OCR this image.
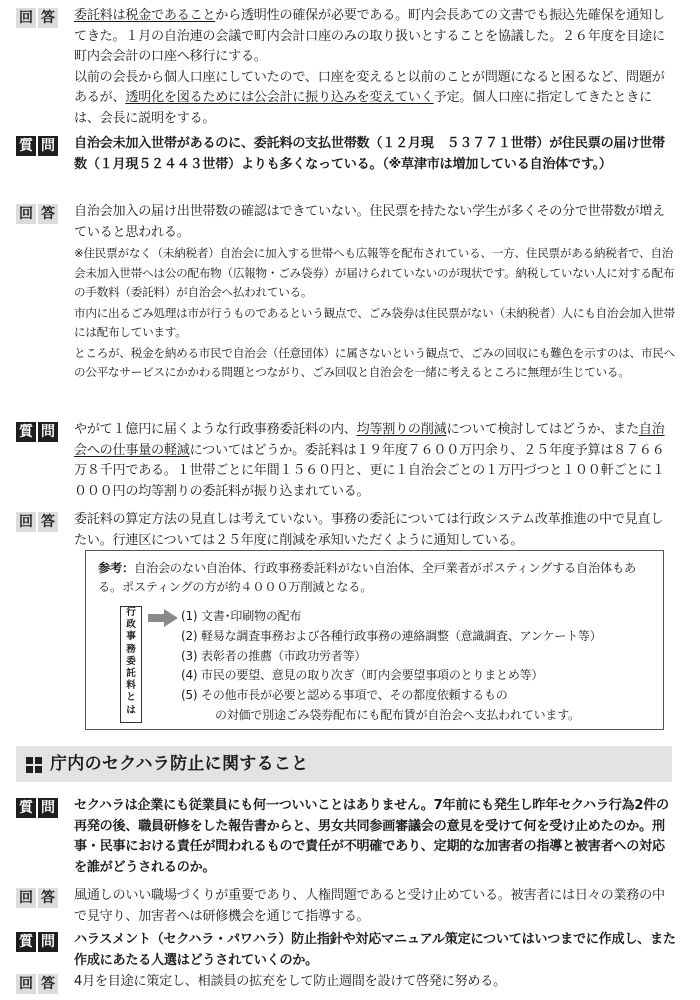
回 答 委託料は税金であることから透明性の確保が必要である。町内会長あての文書でも振込先確保を通知してきた。１月の自治連の会議で町内会計口座のみの取り扱いとすることを協議した。２６年度を目途に町内会会計の口座へ移行にする。

以前の会長から個人口座にしていたので、口座を変えると以前のことが問題になると困るなど、問題があるが、透明化を図るためには公会計に振り込みを変えていく予定。個人口座に指定してきたときには、会長に説明をする。

質 問 自治会未加入世帯があるのに、委託料の支払世帯数（１２月現　５３７７１世帯）が住民票の届け世帯数（１月現５２４４３世帯）よりも多くなっている。（※草津市は増加している自治体です。）

回 答 自治会加入の届け出世帯数の確認はできていない。住民票を持たない学生が多くその分で世帯数が増えていると思われる。

※住民票がなく（未納税者）自治会に加入する世帯へも広報等を配布されている、一方、住民票がある納税者で、自治会未加入世帯へは公の配布物（広報物・ごみ袋券）が届けられていないのが現状です。納税していない人に対する配布の手数料（委託料）が自治会へ払われている。

市内に出るごみ処理は市が行うものであるという観点で、ごみ袋券は住民票がない（未納税者）人にも自治会加入世帯には配布しています。

ところが、税金を納める市民で自治会（任意団体）に属さないという観点で、ごみの回収にも難色を示すのは、市民への公平なサービスにかかわる問題とつながり、ごみ回収と自治会を一緒に考えるところに無理が生じている。

質 問 やがて１億円に届くような行政事務委託料の内、均等割りの削減について検討してはどうか、また自治会への仕事量の軽減についてはどうか。委託料は１９年度７６００万円余り、２５年度予算は８７６６万８千円である。１世帯ごとに年間１５６０円と、更に１自治会ごとの１万円づつと１００軒ごとに１０００円の均等割りの委託料が振り込まれている。

回 答 委託料の算定方法の見直しは考えていない。事務の委託については行政システム改革推進の中で見直したい。行連区については２５年度に削減を承知いただくように通知している。

参考：自治会のない自治体、行政事務委託料がない自治体、全戸業者がポスティングする自治体もある。ポスティングの方が約４０００万削減となる。
行
政
事
務
委
託
料
と
は
(1) 文書･印刷物の配布
(2) 軽易な調査事務および各種行政事務の連絡調整（意識調査、アンケート等）
(3) 表彰者の推薦（市政功労者等）
(4) 市民の要望、意見の取り次ぎ（町内会要望事項のとりまとめ等）
(5) その他市長が必要と認める事項で、その都度依頼するもの
の対価で別途ごみ袋券配布にも配布賃が自治会へ支払われています。
庁内のセクハラ防止に関すること
質 問 セクハラは企業にも従業員にも何一ついいことはありません。7年前にも発生し昨年セクハラ行為2件の再発の後、職員研修をした報告書からと、男女共同参画審議会の意見を受けて何を受け止めたのか。刑事・民事における責任が問われるもので責任が不明確であり、定期的な加害者の指導と被害者への対応を誰がどうされるのか。

回 答 風通しのいい職場づくりが重要であり、人権問題であると受け止めている。被害者には日々の業務の中で見守り、加害者へは研修機会を通じて指導する。

質 問 ハラスメント（セクハラ・パワハラ）防止指針や対応マニュアル策定についてはいつまでに作成し、また作成にあたる人選はどうされていくのか。

回 答 4月を目途に策定し、相談員の拡充をして防止週間を設けて啓発に努める。
